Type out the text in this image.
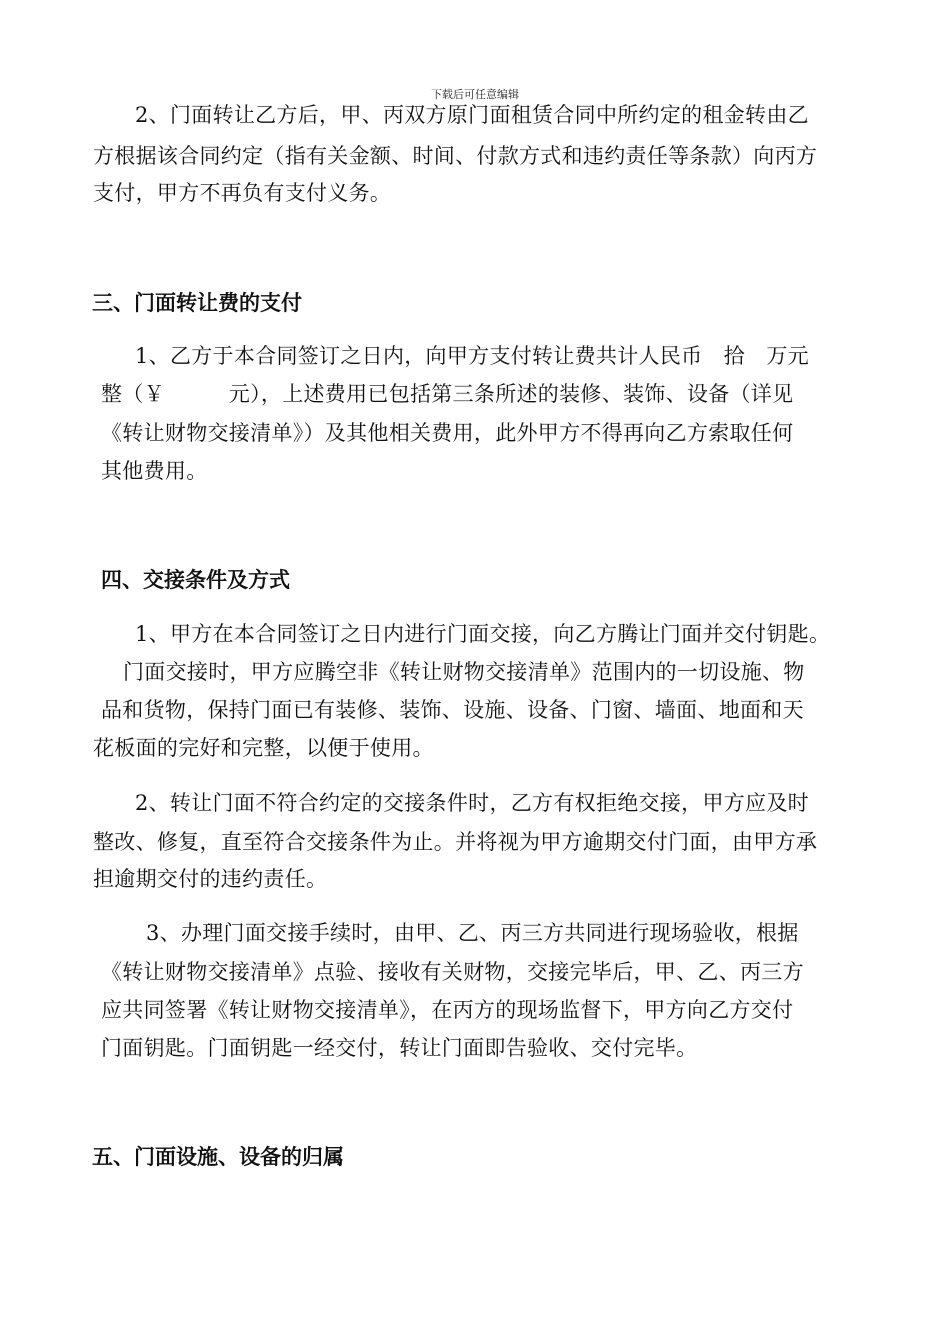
下载后可任意编辑
2、门面转让乙方后，甲、丙双方原门面租赁合同中所约定的租金转由乙
方根据该合同约定（指有关金额、时间、付款方式和违约责任等条款）向丙方
支付，甲方不再负有支付义务。
三、门面转让费的支付
1、乙方于本合同签订之日内，向甲方支付转让费共计人民币　拾　万元
整（￥　　　元），上述费用已包括第三条所述的装修、装饰、设备（详见
《转让财物交接清单》）及其他相关费用，此外甲方不得再向乙方索取任何
其他费用。
四、交接条件及方式
1、甲方在本合同签订之日内进行门面交接，向乙方腾让门面并交付钥匙。
门面交接时，甲方应腾空非《转让财物交接清单》范围内的一切设施、物
品和货物，保持门面已有装修、装饰、设施、设备、门窗、墙面、地面和天
花板面的完好和完整，以便于使用。
2、转让门面不符合约定的交接条件时，乙方有权拒绝交接，甲方应及时
整改、修复，直至符合交接条件为止。并将视为甲方逾期交付门面，由甲方承
担逾期交付的违约责任。
3、办理门面交接手续时，由甲、乙、丙三方共同进行现场验收，根据
《转让财物交接清单》点验、接收有关财物，交接完毕后，甲、乙、丙三方
应共同签署《转让财物交接清单》，在丙方的现场监督下，甲方向乙方交付
门面钥匙。门面钥匙一经交付，转让门面即告验收、交付完毕。
五、门面设施、设备的归属
